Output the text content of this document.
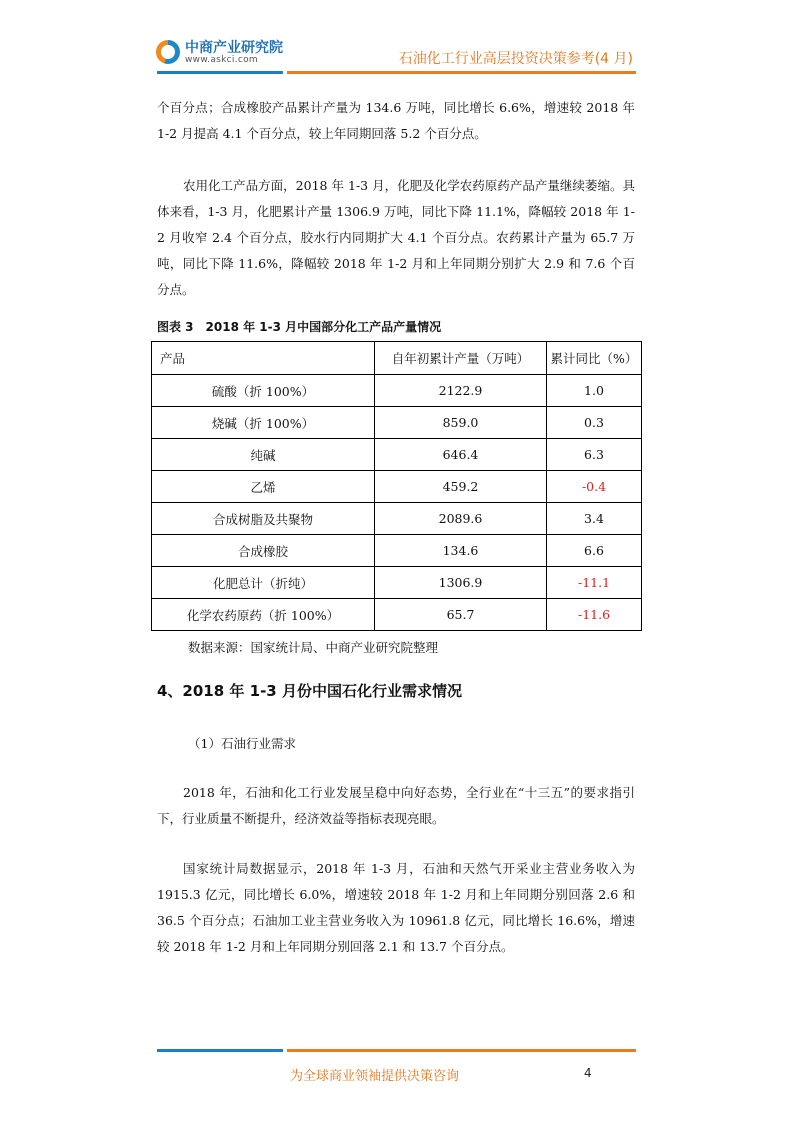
中商产业研究院
www.askci.com	石油化工行业高层投资决策参考(4 月)
个百分点；合成橡胶产品累计产量为 134.6 万吨，同比增长 6.6%，增速较 2018 年 1-2 月提高 4.1 个百分点，较上年同期回落 5.2 个百分点。
农用化工产品方面，2018 年 1-3 月，化肥及化学农药原药产品产量继续萎缩。具体来看，1-3 月，化肥累计产量 1306.9 万吨，同比下降 11.1%，降幅较 2018 年 1-2 月收窄 2.4 个百分点，胶水行内同期扩大 4.1 个百分点。农药累计产量为 65.7 万吨，同比下降 11.6%，降幅较 2018 年 1-2 月和上年同期分别扩大 2.9 和 7.6 个百分点。
图表 3　2018 年 1-3 月中国部分化工产品产量情况
产品	自年初累计产量（万吨）	累计同比（%）
硫酸（折 100%）	2122.9	1.0
烧碱（折 100%）	859.0	0.3
纯碱	646.4	6.3
乙烯	459.2	-0.4
合成树脂及共聚物	2089.6	3.4
合成橡胶	134.6	6.6
化肥总计（折纯）	1306.9	-11.1
化学农药原药（折 100%）	65.7	-11.6
数据来源：国家统计局、中商产业研究院整理
4、2018 年 1-3 月份中国石化行业需求情况
（1）石油行业需求
2018 年，石油和化工行业发展呈稳中向好态势，全行业在“十三五”的要求指引下，行业质量不断提升，经济效益等指标表现亮眼。
国家统计局数据显示，2018 年 1-3 月，石油和天然气开采业主营业务收入为 1915.3 亿元，同比增长 6.0%，增速较 2018 年 1-2 月和上年同期分别回落 2.6 和 36.5 个百分点；石油加工业主营业务收入为 10961.8 亿元，同比增长 16.6%，增速较 2018 年 1-2 月和上年同期分别回落 2.1 和 13.7 个百分点。
为全球商业领袖提供决策咨询	4
